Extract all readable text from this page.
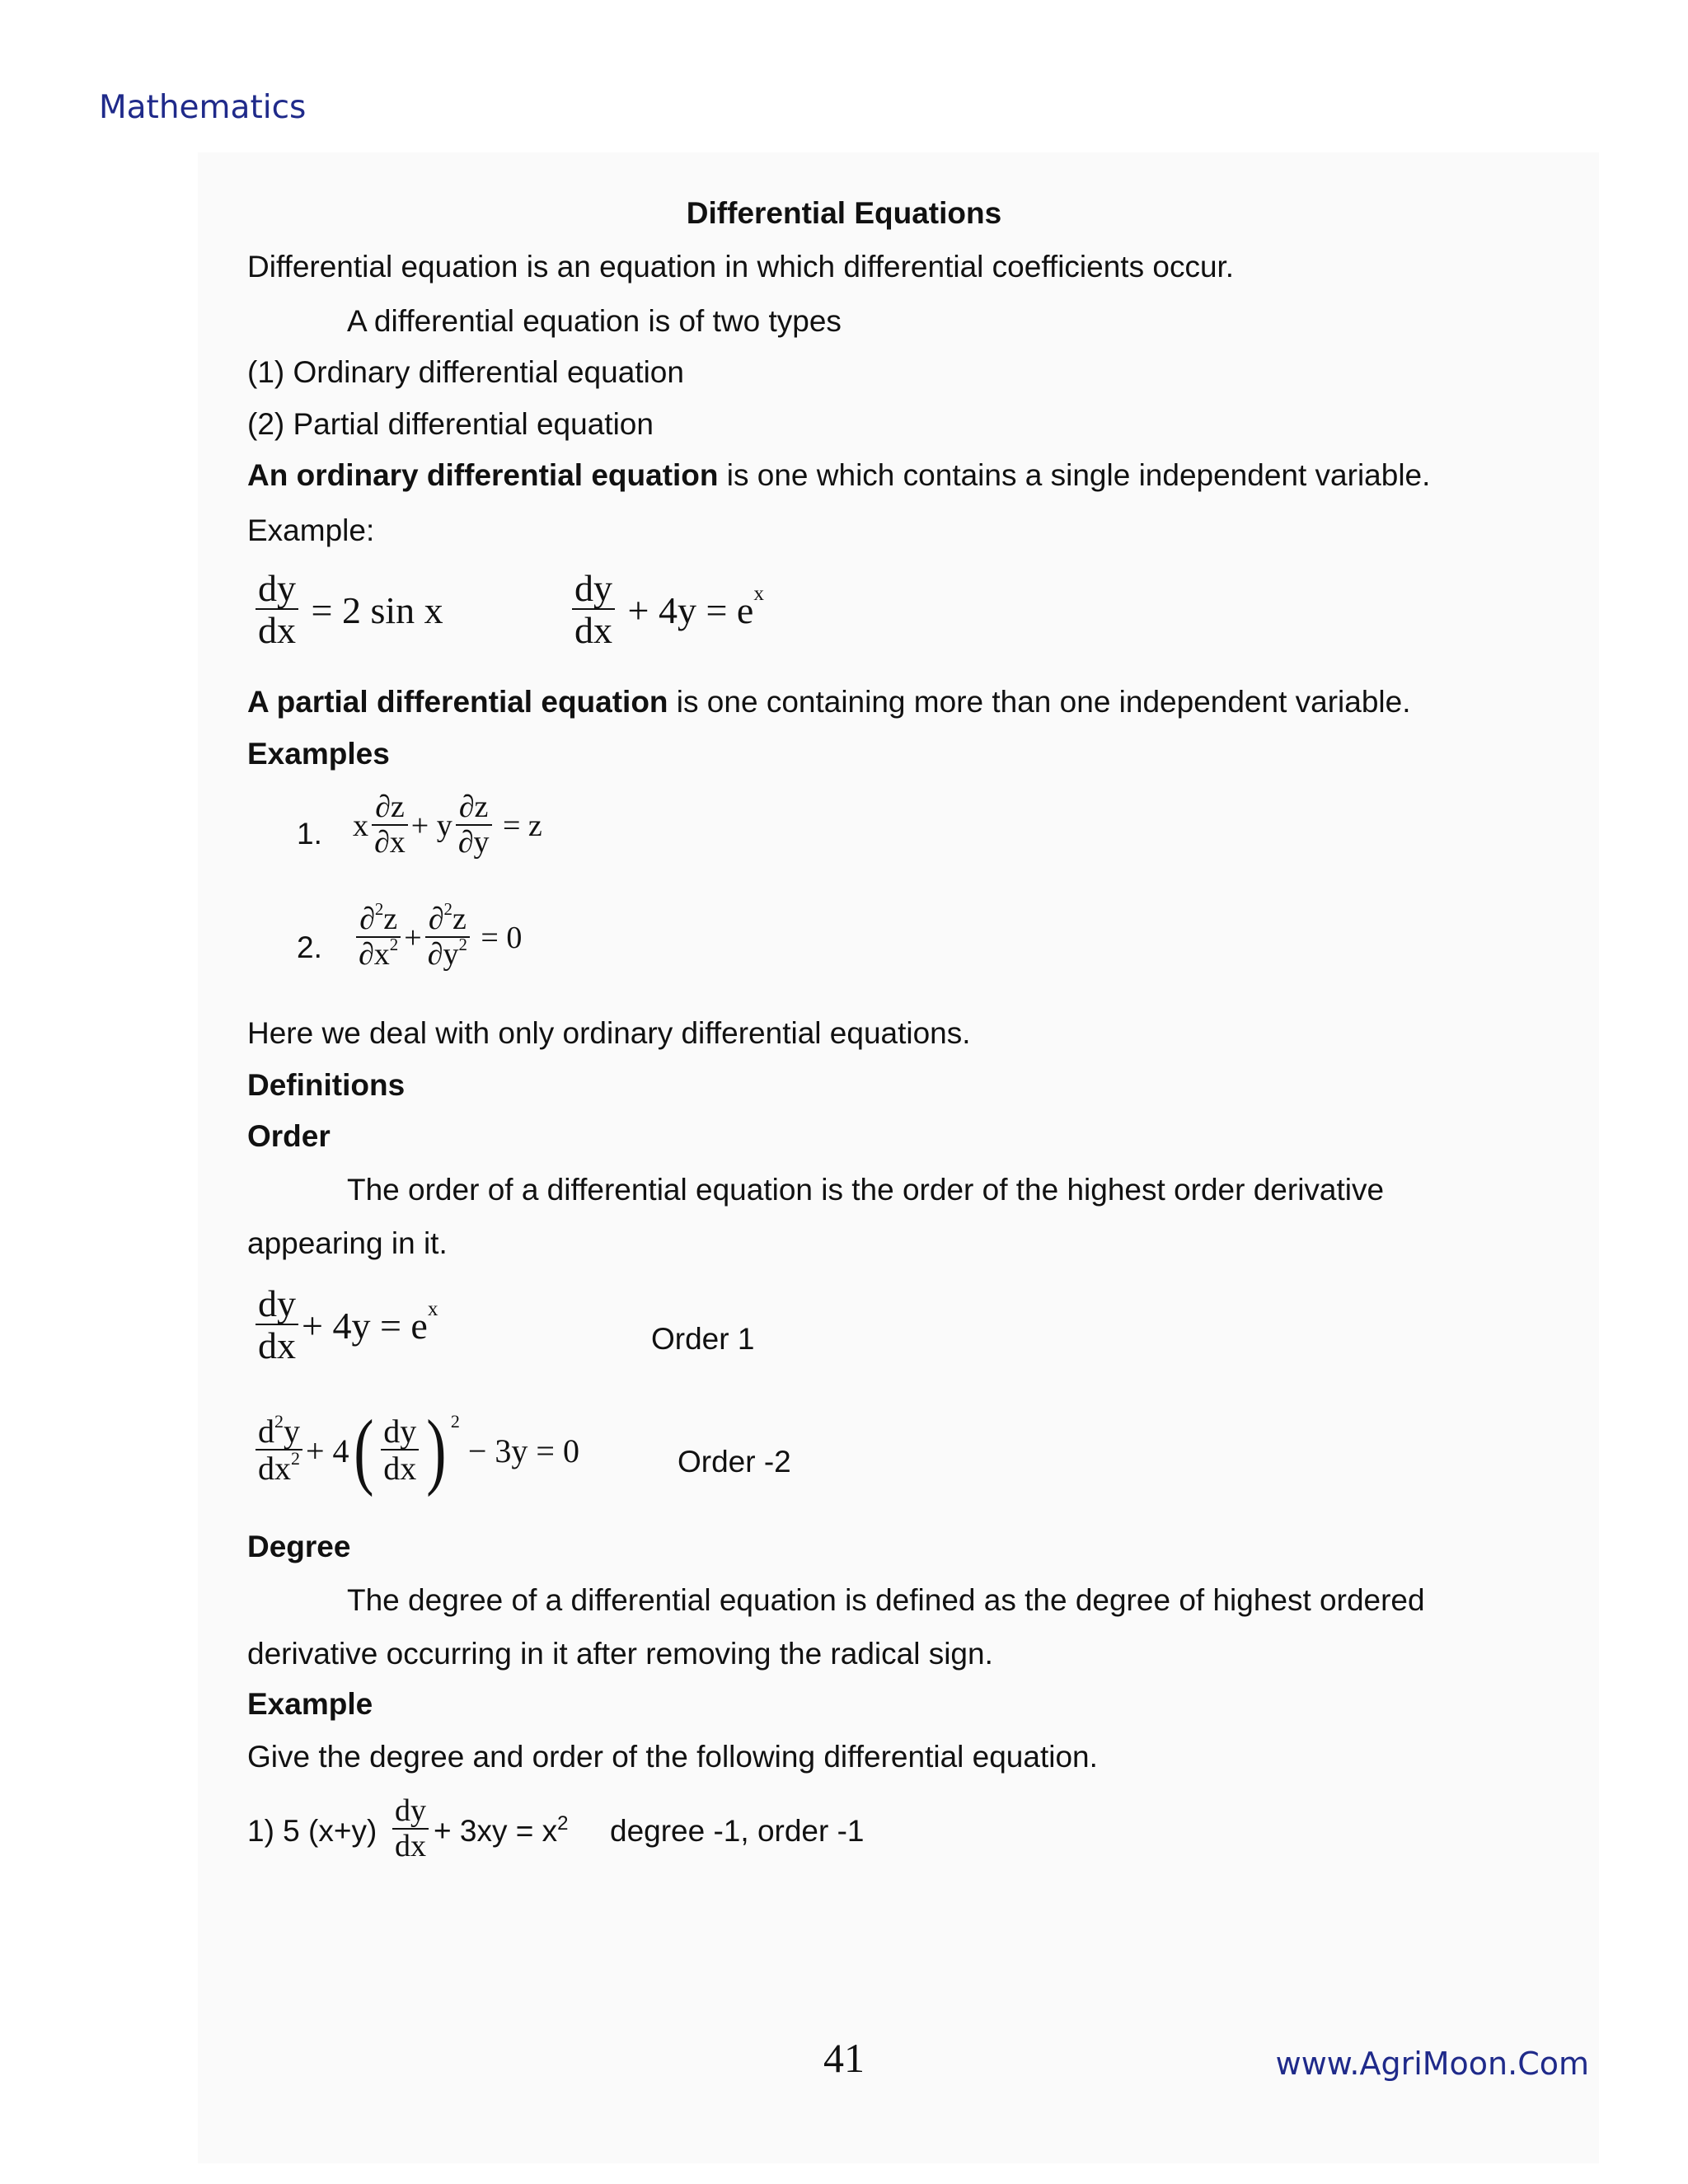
Mathematics
Differential Equations
Differential equation is an equation in which differential coefficients occur.
A differential equation is of two types
(1) Ordinary differential equation
(2) Partial differential equation
An ordinary differential equation is one which contains a single independent variable.
Example:
$\frac{dy}{dx} = 2$ sin x	$\frac{dy}{dx} + 4y = e$ x
A partial differential equation is one containing more than one independent variable.
Examples
1. x $\frac{\partial z}{\partial x} + y \frac{\partial z}{\partial y} = z$
2. $\frac{\partial^2z}{\partial x^2} + \frac{\partial^2z}{\partial y^2} = 0$
Here we deal with only ordinary differential equations.
Definitions
Order
The order of a differential equation is the order of the highest order derivative
appearing in it.
$\frac{dy}{dx} + 4y = e$ x
Order 1
$\frac{d^2y}{dx^2} + 4$ ( $\frac{dy}{dx}$ ) 2
− 3y = 0	Order -2
Degree
The degree of a differential equation is defined as the degree of highest ordered
derivative occurring in it after removing the radical sign.
Example
Give the degree and order of the following differential equation.
1) 5 $(x+y) \frac{dy}{dx} + 3xy = x^2$ degree -1, order -1
41	www.AgriMoon.Com
